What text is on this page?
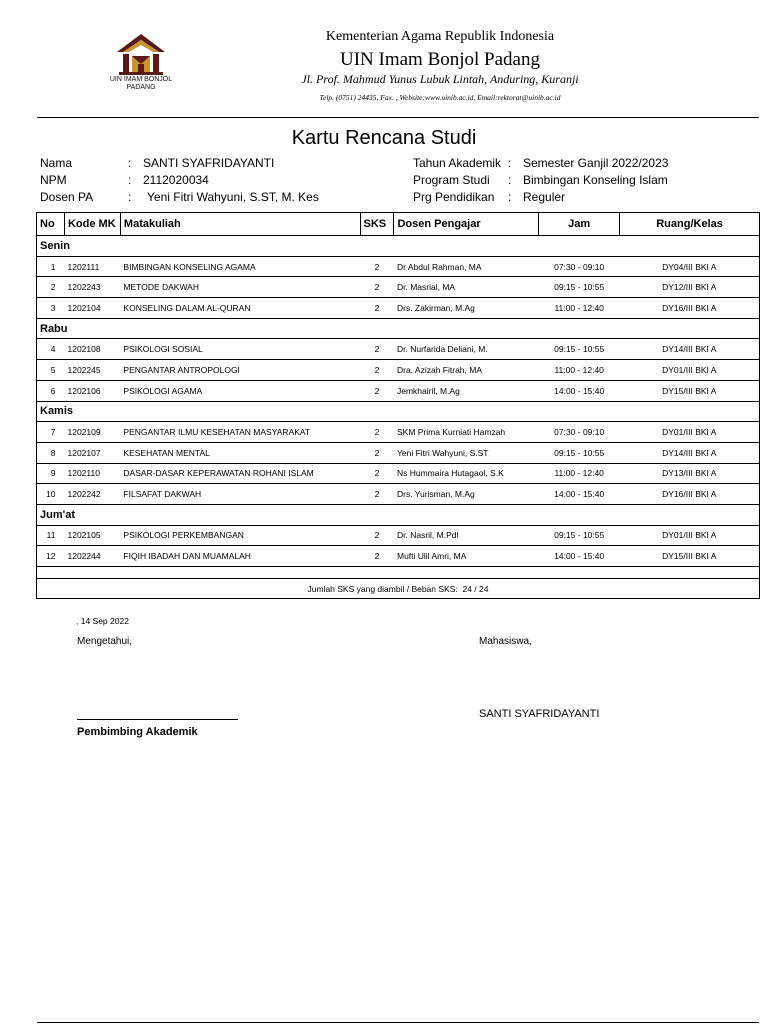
UIN IMAM BONJOL
PADANG
Kementerian Agama Republik Indonesia
UIN Imam Bonjol Padang
Jl. Prof. Mahmud Yunus Lubuk Lintah, Anduring, Kuranji
Telp. (0751) 24435, Fax. , Website:www.uinib.ac.id, Email:rektorat@uinib.ac.id
Kartu Rencana Studi
Nama	: SANTI SYAFRIDAYANTI
NPM	: 2112020034
Dosen PA	: Yeni Fitri Wahyuni, S.ST, M. Kes
Tahun Akademik : Semester Ganjil 2022/2023
Program Studi : Bimbingan Konseling Islam
Prg Pendidikan : Reguler
No	Kode MK	Matakuliah	SKS	Dosen Pengajar	Jam	Ruang/Kelas
Senin						
1	1202111	BIMBINGAN KONSELING AGAMA	2	Dr Abdul Rahman, MA	07:30 - 09:10	DY04/III BKI A
2	1202243	METODE DAKWAH	2	Dr. Masrial, MA	09:15 - 10:55	DY12/III BKI A
3	1202104	KONSELING DALAM AL-QURAN	2	Drs. Zakirman, M.Ag	11:00 - 12:40	DY16/III BKI A
Rabu						
4	1202108	PSIKOLOGI SOSIAL	2	Dr. Nurfarida Deliani, M.	09:15 - 10:55	DY14/III BKI A
5	1202245	PENGANTAR ANTROPOLOGI	2	Dra. Azizah Fitrah, MA	11:00 - 12:40	DY01/III BKI A
6	1202106	PSIKOLOGI AGAMA	2	Jemkhairil, M.Ag	14:00 - 15:40	DY15/III BKI A
Kamis						
7	1202109	PENGANTAR ILMU KESEHATAN MASYARAKAT	2	SKM Prima Kurniati Hamzah	07:30 - 09:10	DY01/III BKI A
8	1202107	KESEHATAN MENTAL	2	Yeni Fitri Wahyuni, S.ST	09:15 - 10:55	DY14/III BKI A
9	1202110	DASAR-DASAR KEPERAWATAN ROHANI ISLAM	2	Ns Hummaira Hutagaol, S.K	11:00 - 12:40	DY13/III BKI A
10	1202242	FILSAFAT DAKWAH	2	Drs. Yurisman, M.Ag	14:00 - 15:40	DY16/III BKI A
Jum'at						
11	1202105	PSIKOLOGI PERKEMBANGAN	2	Dr. Nasril, M.Pdl	09:15 - 10:55	DY01/III BKI A
12	1202244	FIQIH IBADAH DAN MUAMALAH	2	Mufti Ulil Amri, MA	14:00 - 15:40	DY15/III BKI A

Jumlah SKS yang diambil / Beban SKS: 24 / 24						
, 14 Sep 2022
Mengetahui,	Mahasiswa,
Pembimbing Akademik
SANTI SYAFRIDAYANTI
